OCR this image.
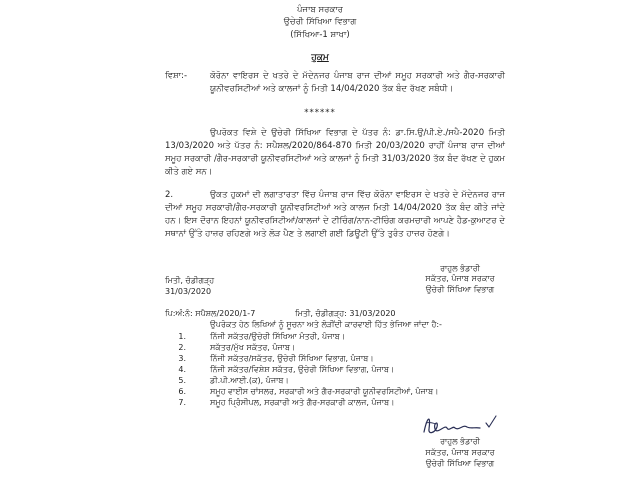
ਪੰਜਾਬ ਸਰਕਾਰ
ਉਚੇਰੀ ਸਿੱਖਿਆ ਵਿਭਾਗ
(ਸਿੱਖਿਆ-1 ਸ਼ਾਖਾ)
ਹੁਕਮ
ਵਿਸ਼ਾ:-	ਕੋਰੋਨਾ ਵਾਇਰਸ ਦੇ ਖਤਰੇ ਦੇ ਮੱਦੇਨਜਰ ਪੰਜਾਬ ਰਾਜ ਦੀਆਂ ਸਮੂਹ ਸਰਕਾਰੀ ਅਤੇ ਗੈਰ-ਸਰਕਾਰੀ ਯੂਨੀਵਰਸਿਟੀਆਂ ਅਤੇ ਕਾਲਜਾਂ ਨੂੰ ਮਿਤੀ 14/04/2020 ਤੱਕ ਬੰਦ ਰੱਖਣ ਸਬੰਧੀ।
******
ਉਪਰੋਕਤ ਵਿਸ਼ੇ ਦੇ ਉਚੇਰੀ ਸਿੱਖਿਆ ਵਿਭਾਗ ਦੇ ਪੱਤਰ ਨੰ: ਡਾ.ਸਿ.ਉ/ਪੀ.ਏ./ਸਪੈ-2020 ਮਿਤੀ 13/03/2020 ਅਤੇ ਪੱਤਰ ਨੰ: ਸਪੈਸ਼ਲ/2020/864-870 ਮਿਤੀ 20/03/2020 ਰਾਹੀਂ ਪੰਜਾਬ ਰਾਜ ਦੀਆਂ ਸਮੂਹ ਸਰਕਾਰੀ /ਗੈਰ-ਸਰਕਾਰੀ ਯੂਨੀਵਰਸਿਟੀਆਂ ਅਤੇ ਕਾਲਜਾਂ ਨੂੰ ਮਿਤੀ 31/03/2020 ਤੱਕ ਬੰਦ ਰੱਖਣ ਦੇ ਹੁਕਮ ਕੀਤੇ ਗਏ ਸਨ।
2.	ਉਕਤ ਹੁਕਮਾਂ ਦੀ ਲਗਾਤਾਰਤਾ ਵਿੱਚ ਪੰਜਾਬ ਰਾਜ ਵਿੱਚ ਕੋਰੋਨਾ ਵਾਇਰਸ ਦੇ ਖਤਰੇ ਦੇ ਮੱਦੇਨਜਰ ਰਾਜ ਦੀਆਂ ਸਮੂਹ ਸਰਕਾਰੀ/ਗੈਰ-ਸਰਕਾਰੀ ਯੂਨੀਵਰਸਿਟੀਆਂ ਅਤੇ ਕਾਲਜ ਮਿਤੀ 14/04/2020 ਤੱਕ ਬੰਦ ਕੀਤੇ ਜਾਂਦੇ ਹਨ। ਇਸ ਦੌਰਾਨ ਇਹਨਾਂ ਯੂਨੀਵਰਸਿਟੀਆਂ/ਕਾਲਜਾਂ ਦੇ ਟੀਚਿੰਗ/ਨਾਨ-ਟੀਚਿੰਗ ਕਰਮਚਾਰੀ ਆਪਣੇ ਹੈਡ-ਕੁਆਟਰ ਦੇ ਸਥਾਨਾਂ ਉੱਤੇ ਹਾਜ਼ਰ ਰਹਿਣਗੇ ਅਤੇ ਲੋੜ ਪੈਣ ਤੇ ਲਗਾਈ ਗਈ ਡਿਊਟੀ ਉੱਤੇ ਤੁਰੰਤ ਹਾਜ਼ਰ ਹੋਣਗੇ।
ਰਾਹੁਲ ਭੰਡਾਰੀ
ਸਕੱਤਰ, ਪੰਜਾਬ ਸਰਕਾਰ
ਉਚੇਰੀ ਸਿੱਖਿਆ ਵਿਭਾਗ
ਮਿਤੀ, ਚੰਡੀਗੜ੍ਹ
31/03/2020
ਪਿ:ਅੰ:ਨੰ: ਸਪੈਸ਼ਲ/2020/1-7	ਮਿਤੀ, ਚੰਡੀਗੜ੍ਹ: 31/03/2020
ਉਪਰੋਕਤ ਹੇਠ ਲਿਖਿਆਂ ਨੂੰ ਸੂਚਨਾ ਅਤੇ ਲੋੜੀਂਦੀ ਕਾਰਵਾਈ ਹਿੱਤ ਭੇਜਿਆ ਜਾਂਦਾ ਹੈ:-
1.	ਨਿੱਜੀ ਸਕੱਤਰ/ਉਚੇਰੀ ਸਿੱਖਿਆ ਮੰਤਰੀ, ਪੰਜਾਬ।
2.	ਸਕੱਤਰ/ਮੁੱਖ ਸਕੱਤਰ, ਪੰਜਾਬ।
3.	ਨਿੱਜੀ ਸਕੱਤਰ/ਸਕੱਤਰ, ਉਚੇਰੀ ਸਿੱਖਿਆ ਵਿਭਾਗ, ਪੰਜਾਬ।
4.	ਨਿੱਜੀ ਸਕੱਤਰ/ਵਿਸ਼ੇਸ਼ ਸਕੱਤਰ, ਉਚੇਰੀ ਸਿੱਖਿਆ ਵਿਭਾਗ, ਪੰਜਾਬ।
5.	ਡੀ.ਪੀ.ਆਈ.(ਕ), ਪੰਜਾਬ।
6.	ਸਮੂਹ ਵਾਈਸ ਚਾਂਸਲਰ, ਸਰਕਾਰੀ ਅਤੇ ਗੈਰ-ਸਰਕਾਰੀ ਯੂਨੀਵਰਸਿਟੀਆਂ, ਪੰਜਾਬ।
7.	ਸਮੂਹ ਪ੍ਰਿੰਸੀਪਲ, ਸਰਕਾਰੀ ਅਤੇ ਗੈਰ-ਸਰਕਾਰੀ ਕਾਲਜ, ਪੰਜਾਬ।
ਰਾਹੁਲ ਭੰਡਾਰੀ
ਸਕੱਤਰ, ਪੰਜਾਬ ਸਰਕਾਰ
ਉਚੇਰੀ ਸਿੱਖਿਆ ਵਿਭਾਗ
